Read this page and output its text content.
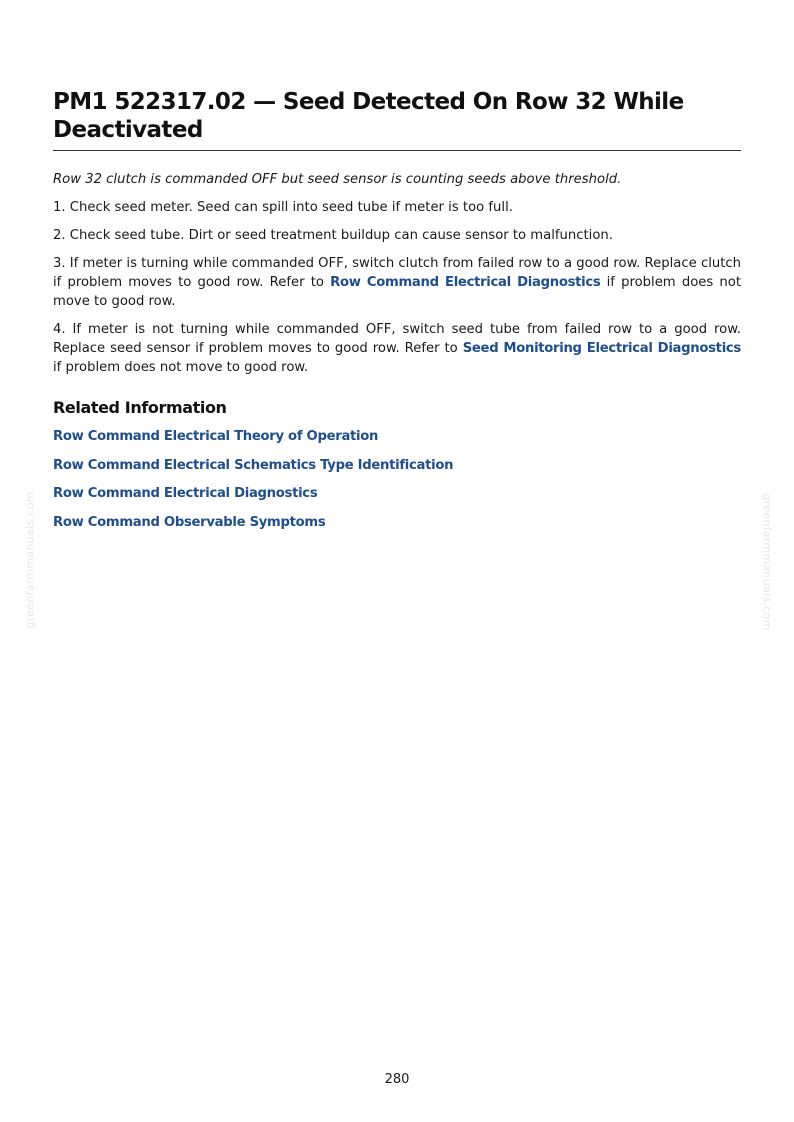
greenfarmmanuals.com	greenfarmmanuals.com
PM1 522317.02 — Seed Detected On Row 32 While Deactivated

Row 32 clutch is commanded OFF but seed sensor is counting seeds above threshold.

1. Check seed meter. Seed can spill into seed tube if meter is too full.

2. Check seed tube. Dirt or seed treatment buildup can cause sensor to malfunction.

3. If meter is turning while commanded OFF, switch clutch from failed row to a good row. Replace clutch if problem moves to good row. Refer to Row Command Electrical Diagnostics if problem does not move to good row.

4. If meter is not turning while commanded OFF, switch seed tube from failed row to a good row. Replace seed sensor if problem moves to good row. Refer to Seed Monitoring Electrical Diagnostics if problem does not move to good row.

Related Information
Row Command Electrical Theory of Operation
Row Command Electrical Schematics Type Identification
Row Command Electrical Diagnostics
Row Command Observable Symptoms
280
